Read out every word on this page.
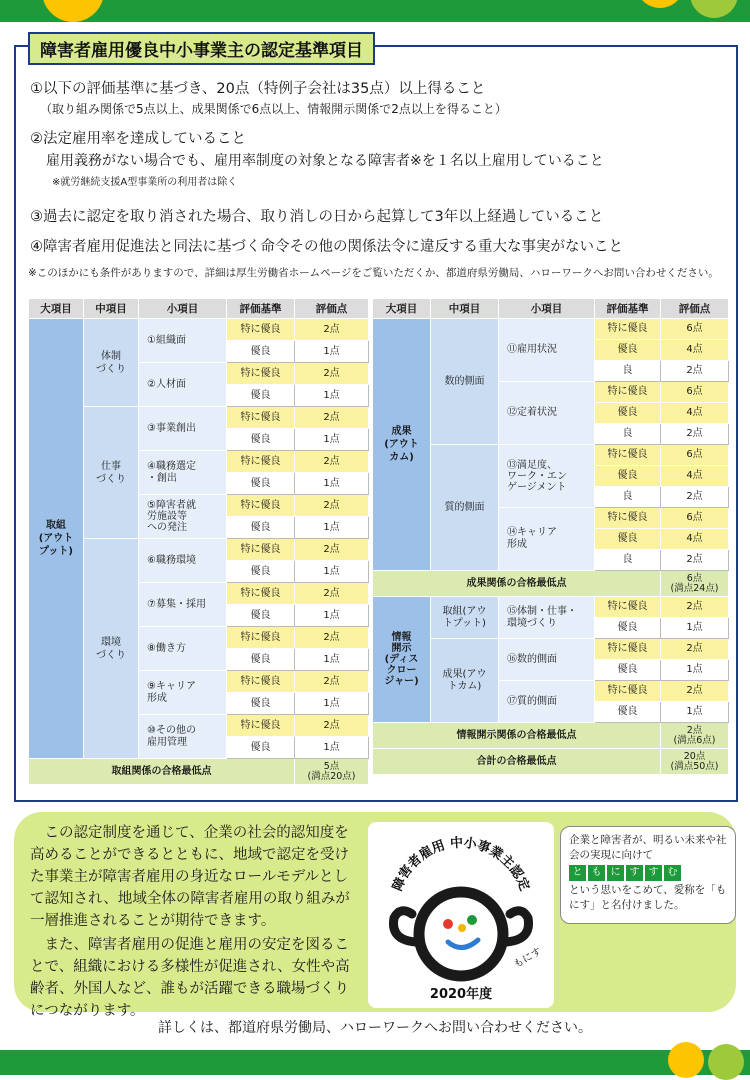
障害者雇用優良中小事業主の認定基準項目
①以下の評価基準に基づき、20点（特例子会社は35点）以上得ること
（取り組み関係で5点以上、成果関係で6点以上、情報開示関係で2点以上を得ること）
②法定雇用率を達成していること
雇用義務がない場合でも、雇用率制度の対象となる障害者※を１名以上雇用していること
※就労継続支援A型事業所の利用者は除く
③過去に認定を取り消された場合、取り消しの日から起算して3年以上経過していること
④障害者雇用促進法と同法に基づく命令その他の関係法令に違反する重大な事実がないこと
※このほかにも条件がありますので、詳細は厚生労働省ホームページをご覧いただくか、都道府県労働局、ハローワークへお問い合わせください。
大項目	中項目	小項目	評価基準	評価点
取組
(アウト
プット)	体制
づくり	①組織面	特に優良	2点
			優良	1点
		②人材面	特に優良	2点
			優良	1点
	仕事
づくり	③事業創出	特に優良	2点
			優良	1点
		④職務選定
・創出	特に優良	2点
			優良	1点
		⑤障害者就
労施設等
への発注	特に優良	2点
			優良	1点
	環境
づくり	⑥職務環境	特に優良	2点
			優良	1点
		⑦募集・採用	特に優良	2点
			優良	1点
		⑧働き方	特に優良	2点
			優良	1点
		⑨キャリア
形成	特に優良	2点
			優良	1点
		⑩その他の
雇用管理	特に優良	2点
			優良	1点
取組関係の合格最低点				5点
(満点20点)
大項目	中項目	小項目	評価基準	評価点
成果
(アウト
カム)	数的側面	⑪雇用状況	特に優良	6点
			優良	4点
			良	2点
		⑫定着状況	特に優良	6点
			優良	4点
			良	2点
	質的側面	⑬満足度、
ワーク・エン
ゲージメント	特に優良	6点
			優良	4点
			良	2点
		⑭キャリア
形成	特に優良	6点
			優良	4点
			良	2点
成果関係の合格最低点				6点
(満点24点)
情報
開示
(ディス
クロー
ジャー)	取組(アウ
トプット)	⑮体制・仕事・
環境づくり	特に優良	2点
			優良	1点
	成果(アウ
トカム)	⑯数的側面	特に優良	2点
			優良	1点
		⑰質的側面	特に優良	2点
			優良	1点
情報開示関係の合格最低点				2点
(満点6点)
合計の合格最低点				20点
(満点50点)

この認定制度を通じて、企業の社会的認知度を高めることができるとともに、地域で認定を受けた事業主が障害者雇用の身近なロールモデルとして認知され、地域全体の障害者雇用の取り組みが一層推進されることが期待できます。

また、障害者雇用の促進と雇用の安定を図ることで、組織における多様性が促進され、女性や高齢者、外国人など、誰もが活躍できる職場づくりにつながります。

障害者雇用 中小事業主認定
もにす
2020年度
企業と障害者が、明るい未来や社会の実現に向けて
と も に す す む
という思いをこめて、愛称を「もにす」と名付けました。
詳しくは、都道府県労働局、ハローワークへお問い合わせください。
